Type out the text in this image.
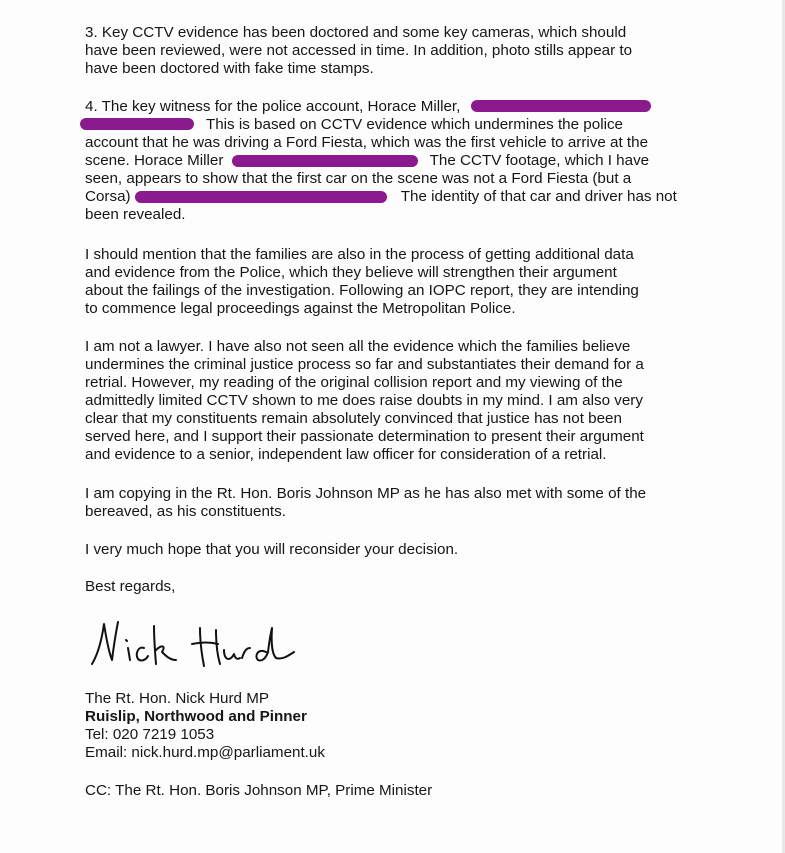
3. Key CCTV evidence has been doctored and some key cameras, which should
have been reviewed, were not accessed in time. In addition, photo stills appear to
have been doctored with fake time stamps.
4. The key witness for the police account, Horace Miller,
This is based on CCTV evidence which undermines the police
account that he was driving a Ford Fiesta, which was the first vehicle to arrive at the
scene. Horace Miller	The CCTV footage, which I have
seen, appears to show that the first car on the scene was not a Ford Fiesta (but a
Corsa)	The identity of that car and driver has not
been revealed.
I should mention that the families are also in the process of getting additional data
and evidence from the Police, which they believe will strengthen their argument
about the failings of the investigation. Following an IOPC report, they are intending
to commence legal proceedings against the Metropolitan Police.
I am not a lawyer. I have also not seen all the evidence which the families believe
undermines the criminal justice process so far and substantiates their demand for a
retrial. However, my reading of the original collision report and my viewing of the
admittedly limited CCTV shown to me does raise doubts in my mind. I am also very
clear that my constituents remain absolutely convinced that justice has not been
served here, and I support their passionate determination to present their argument
and evidence to a senior, independent law officer for consideration of a retrial.
I am copying in the Rt. Hon. Boris Johnson MP as he has also met with some of the
bereaved, as his constituents.
I very much hope that you will reconsider your decision.
Best regards,
The Rt. Hon. Nick Hurd MP
Ruislip, Northwood and Pinner
Tel: 020 7219 1053
Email: nick.hurd.mp@parliament.uk
CC: The Rt. Hon. Boris Johnson MP, Prime Minister
